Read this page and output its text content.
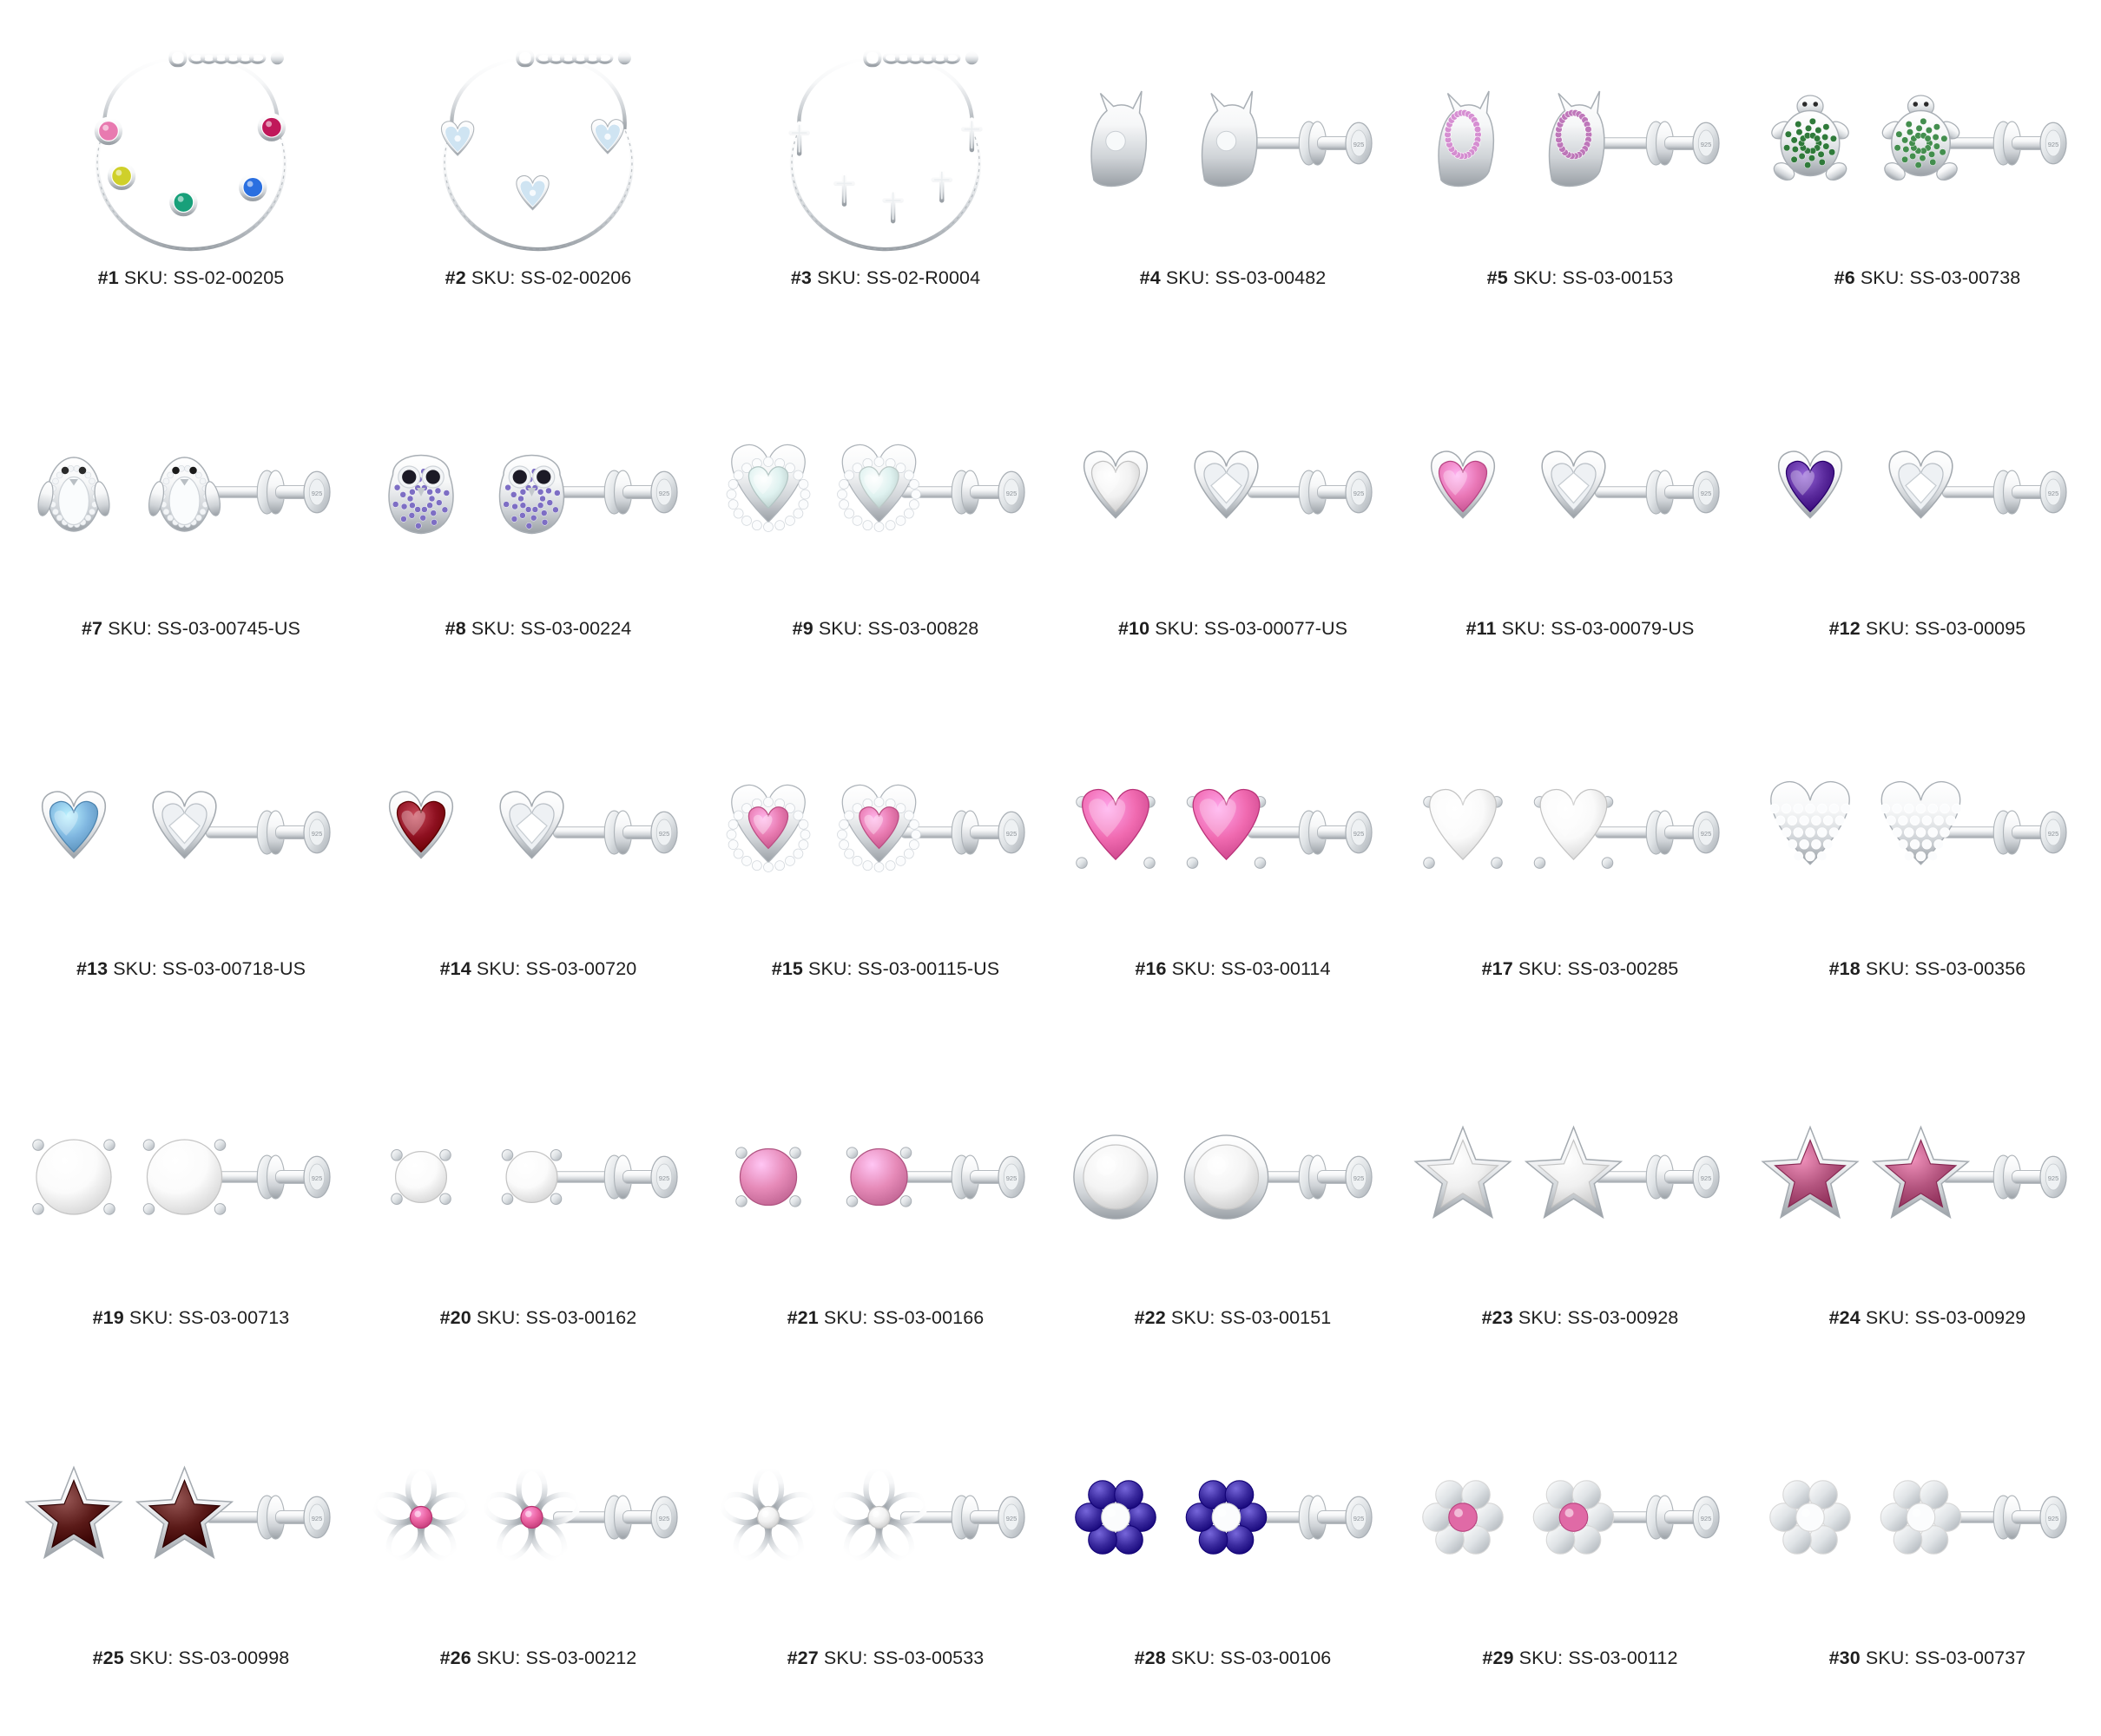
#1 SKU: SS-02-00205	#2 SKU: SS-02-00206	#3 SKU: SS-02-R0004
925
#4 SKU: SS-03-00482
925
#5 SKU: SS-03-00153
925
#6 SKU: SS-03-00738
925
#7 SKU: SS-03-00745-US
925
#8 SKU: SS-03-00224
925
#9 SKU: SS-03-00828
925
#10 SKU: SS-03-00077-US
925
#11 SKU: SS-03-00079-US
925
#12 SKU: SS-03-00095
925
#13 SKU: SS-03-00718-US
925
#14 SKU: SS-03-00720
925
#15 SKU: SS-03-00115-US
925
#16 SKU: SS-03-00114
925
#17 SKU: SS-03-00285
925
#18 SKU: SS-03-00356
925
#19 SKU: SS-03-00713
925
#20 SKU: SS-03-00162
925
#21 SKU: SS-03-00166
925
#22 SKU: SS-03-00151
925
#23 SKU: SS-03-00928
925
#24 SKU: SS-03-00929
925
#25 SKU: SS-03-00998
925
#26 SKU: SS-03-00212
925
#27 SKU: SS-03-00533
925
#28 SKU: SS-03-00106
925
#29 SKU: SS-03-00112
925
#30 SKU: SS-03-00737
